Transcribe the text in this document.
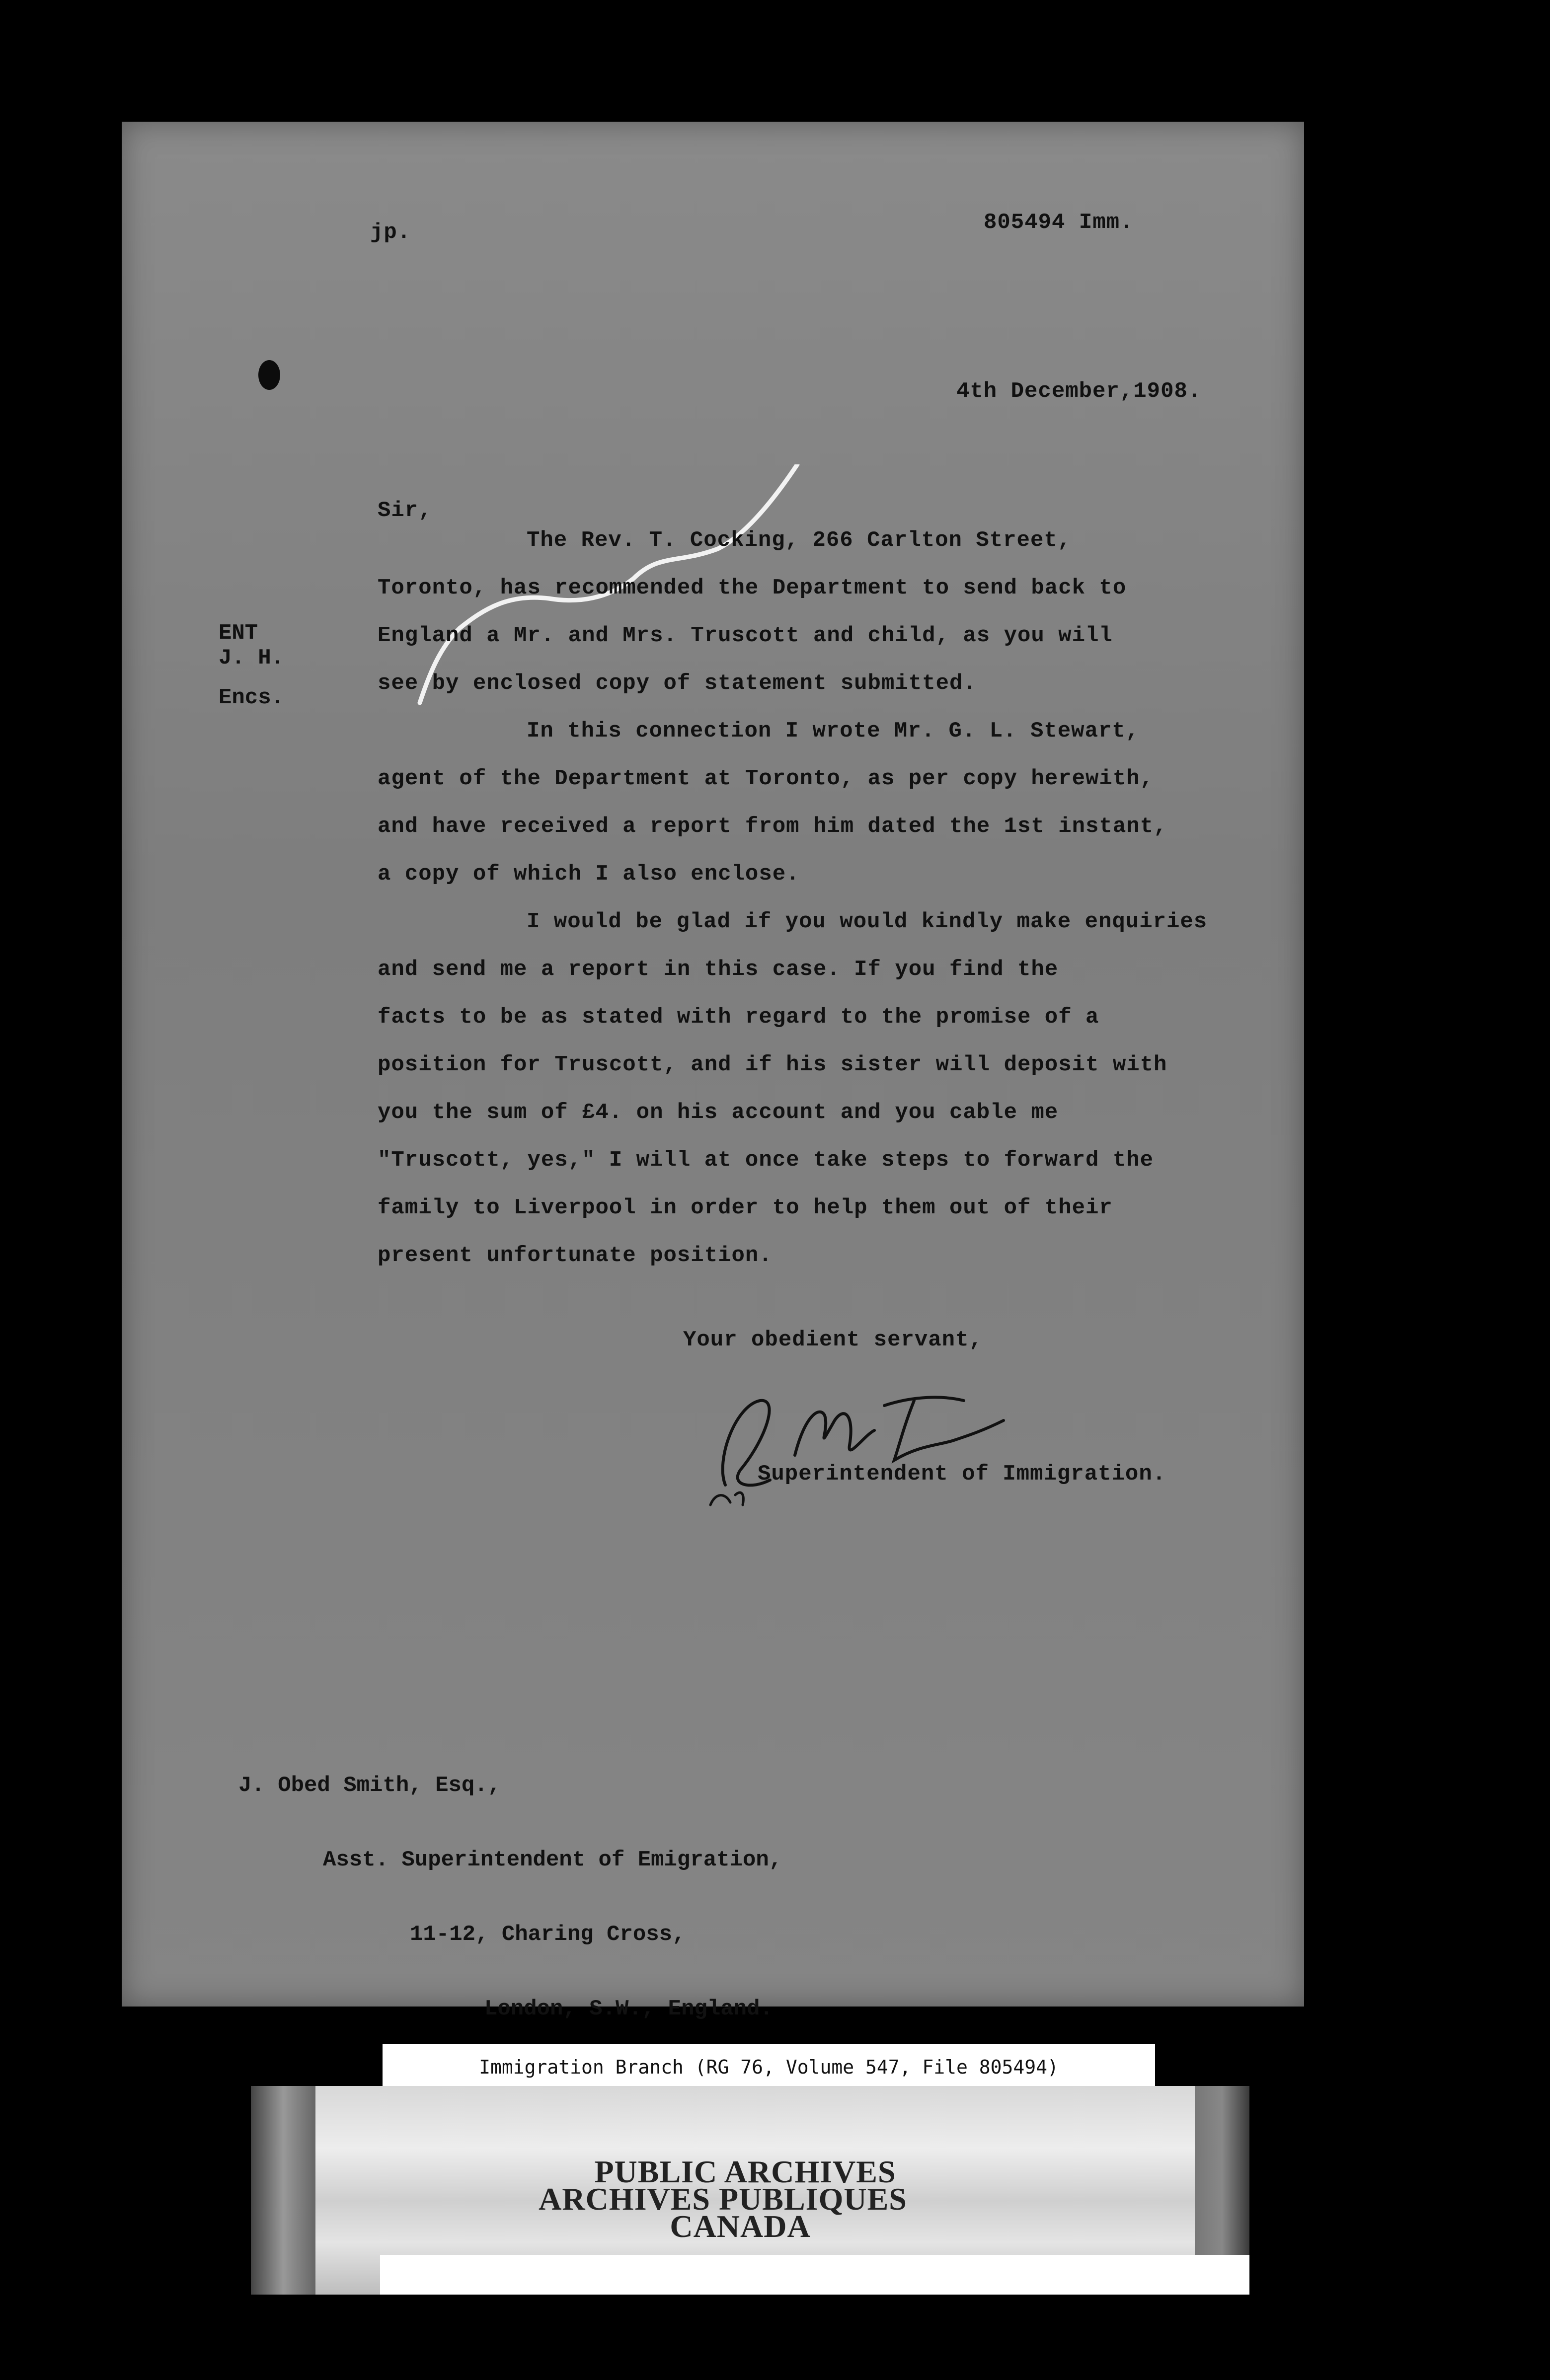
jp.	805494 Imm.
4th December,1908.
Sir,

The Rev. T. Cocking, 266 Carlton Street,
Toronto, has recommended the Department to send back to
England a Mr. and Mrs. Truscott and child, as you will
see by enclosed copy of statement submitted.

In this connection I wrote Mr. G. L. Stewart,
agent of the Department at Toronto, as per copy herewith,
and have received a report from him dated the 1st instant,
a copy of which I also enclose.

I would be glad if you would kindly make enquiries
and send me a report in this case. If you find the
facts to be as stated with regard to the promise of a
position for Truscott, and if his sister will deposit with
you the sum of £4. on his account and you cable me
"Truscott, yes," I will at once take steps to forward the
family to Liverpool in order to help them out of their
present unfortunate position.

ENT
J. H.
Encs.
Your obedient servant,
Superintendent of Immigration.

J. Obed Smith, Esq.,

Asst. Superintendent of Emigration,

11-12, Charing Cross,

London, S.W., England.

Immigration Branch (RG 76, Volume 547, File 805494)
PUBLIC ARCHIVES
ARCHIVES PUBLIQUES
CANADA
